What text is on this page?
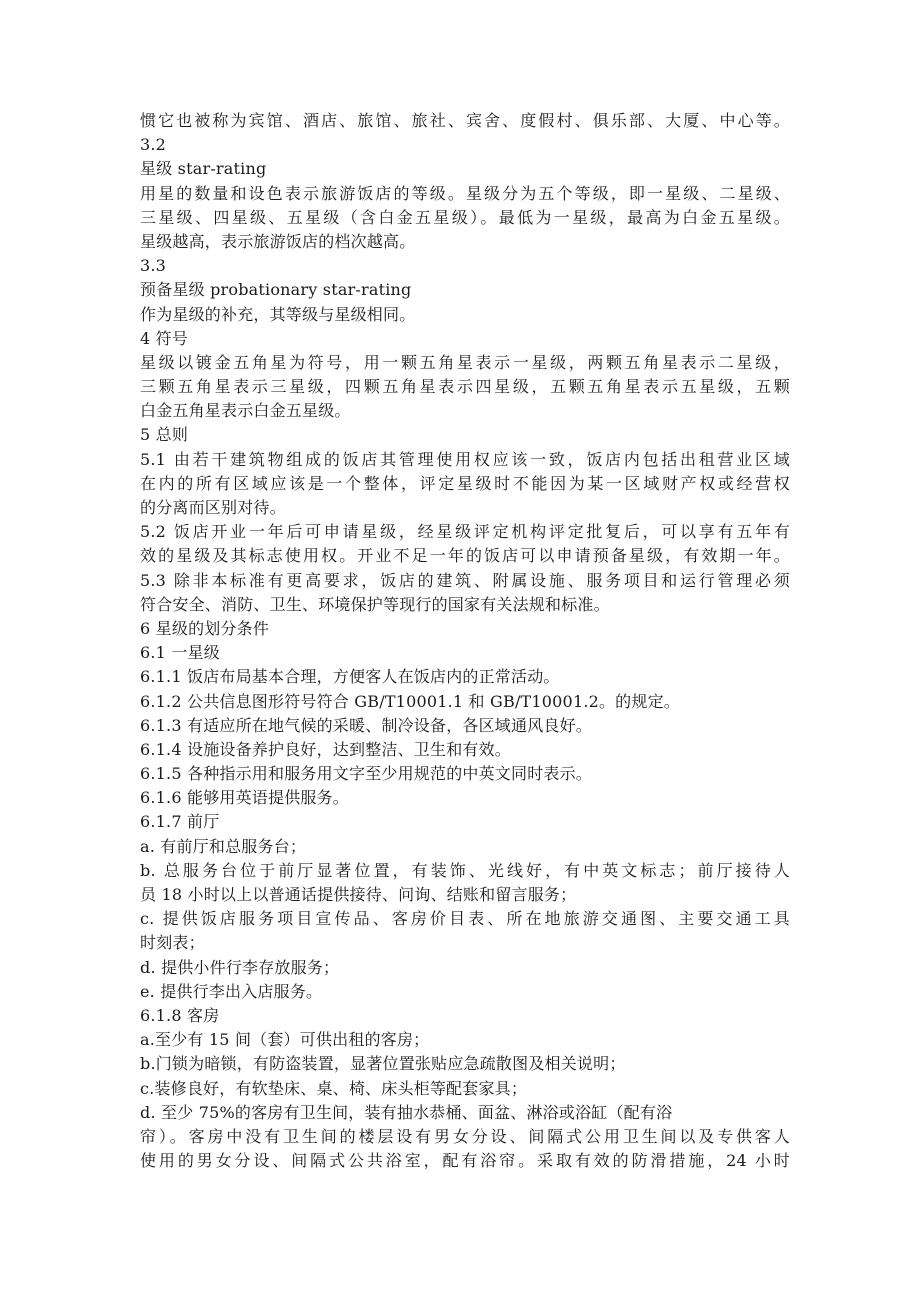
惯它也被称为宾馆、酒店、旅馆、旅社、宾舍、度假村、俱乐部、大厦、中心等。
3.2
星级 star-rating
用星的数量和设色表示旅游饭店的等级。星级分为五个等级，即一星级、二星级、
三星级、四星级、五星级（含白金五星级）。最低为一星级，最高为白金五星级。
星级越高，表示旅游饭店的档次越高。
3.3
预备星级 probationary star-rating
作为星级的补充，其等级与星级相同。
4 符号
星级以镀金五角星为符号，用一颗五角星表示一星级，两颗五角星表示二星级，
三颗五角星表示三星级，四颗五角星表示四星级，五颗五角星表示五星级，五颗
白金五角星表示白金五星级。
5 总则
5.1 由若干建筑物组成的饭店其管理使用权应该一致，饭店内包括出租营业区域
在内的所有区域应该是一个整体，评定星级时不能因为某一区域财产权或经营权
的分离而区别对待。
5.2 饭店开业一年后可申请星级，经星级评定机构评定批复后，可以享有五年有
效的星级及其标志使用权。开业不足一年的饭店可以申请预备星级，有效期一年。
5.3 除非本标准有更高要求，饭店的建筑、附属设施、服务项目和运行管理必须
符合安全、消防、卫生、环境保护等现行的国家有关法规和标准。
6 星级的划分条件
6.1 一星级
6.1.1 饭店布局基本合理，方便客人在饭店内的正常活动。
6.1.2 公共信息图形符号符合 GB/T10001.1 和 GB/T10001.2。的规定。
6.1.3 有适应所在地气候的采暖、制冷设备，各区域通风良好。
6.1.4 设施设备养护良好，达到整洁、卫生和有效。
6.1.5 各种指示用和服务用文字至少用规范的中英文同时表示。
6.1.6 能够用英语提供服务。
6.1.7 前厅
a. 有前厅和总服务台；
b. 总服务台位于前厅显著位置，有装饰、光线好，有中英文标志；前厅接待人
员 18 小时以上以普通话提供接待、问询、结账和留言服务；
c. 提供饭店服务项目宣传品、客房价目表、所在地旅游交通图、主要交通工具
时刻表；
d. 提供小件行李存放服务；
e. 提供行李出入店服务。
6.1.8 客房
a.至少有 15 间（套）可供出租的客房；
b.门锁为暗锁，有防盗装置，显著位置张贴应急疏散图及相关说明；
c.装修良好，有软垫床、桌、椅、床头柜等配套家具；
d. 至少 75%的客房有卫生间，装有抽水恭桶、面盆、淋浴或浴缸（配有浴
帘）。客房中没有卫生间的楼层设有男女分设、间隔式公用卫生间以及专供客人
使用的男女分设、间隔式公共浴室，配有浴帘。采取有效的防滑措施，24 小时
